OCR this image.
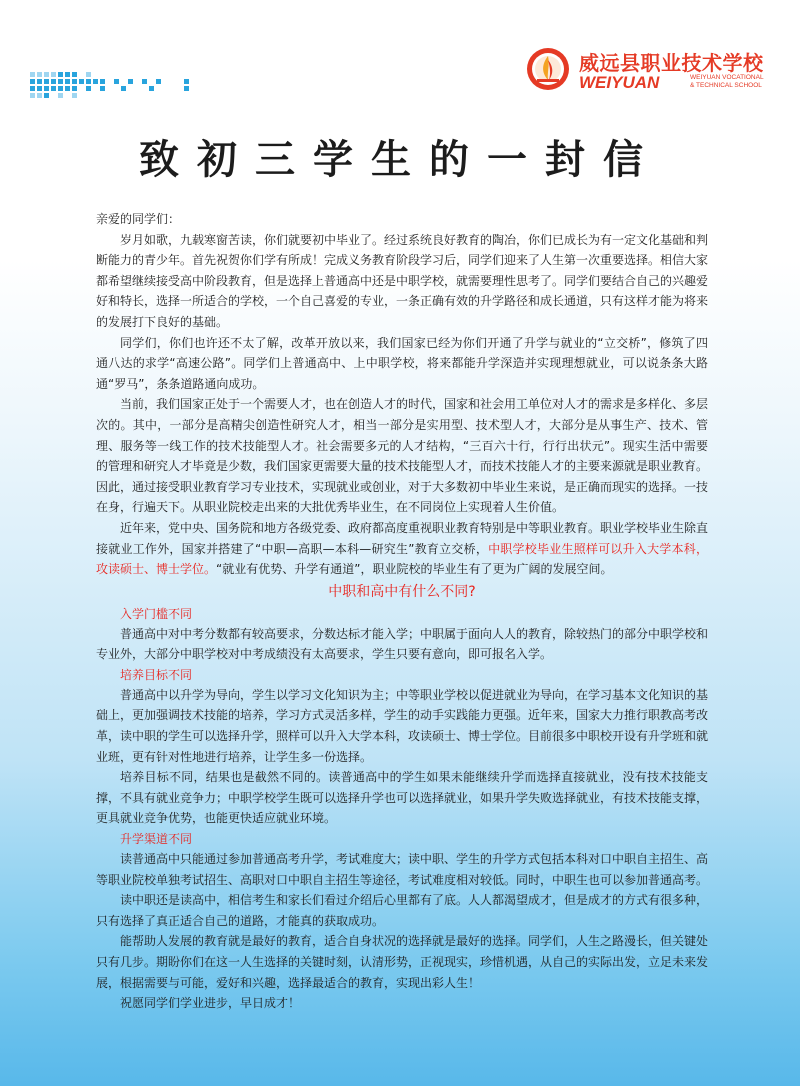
威远县职业技术学校
WEIYUAN	WEIYUAN VOCATIONAL
& TECHNICAL SCHOOL
致初三学生的一封信

亲爱的同学们：

岁月如歌，九载寒窗苦读，你们就要初中毕业了。经过系统良好教育的陶冶，你们已成长为有一定文化基础和判断能力的青少年。首先祝贺你们学有所成！完成义务教育阶段学习后，同学们迎来了人生第一次重要选择。相信大家都希望继续接受高中阶段教育，但是选择上普通高中还是中职学校，就需要理性思考了。同学们要结合自己的兴趣爱好和特长，选择一所适合的学校，一个自己喜爱的专业，一条正确有效的升学路径和成长通道，只有这样才能为将来的发展打下良好的基础。

同学们，你们也许还不太了解，改革开放以来，我们国家已经为你们开通了升学与就业的“立交桥”，修筑了四通八达的求学“高速公路”。同学们上普通高中、上中职学校，将来都能升学深造并实现理想就业，可以说条条大路通“罗马”，条条道路通向成功。

当前，我们国家正处于一个需要人才，也在创造人才的时代，国家和社会用工单位对人才的需求是多样化、多层次的。其中，一部分是高精尖创造性研究人才，相当一部分是实用型、技术型人才，大部分是从事生产、技术、管理、服务等一线工作的技术技能型人才。社会需要多元的人才结构，“三百六十行，行行出状元”。现实生活中需要的管理和研究人才毕竟是少数，我们国家更需要大量的技术技能型人才，而技术技能人才的主要来源就是职业教育。因此，通过接受职业教育学习专业技术，实现就业或创业，对于大多数初中毕业生来说，是正确而现实的选择。一技在身，行遍天下。从职业院校走出来的大批优秀毕业生，在不同岗位上实现着人生价值。

近年来，党中央、国务院和地方各级党委、政府都高度重视职业教育特别是中等职业教育。职业学校毕业生除直接就业工作外，国家并搭建了“中职—高职—本科—研究生”教育立交桥，中职学校毕业生照样可以升入大学本科，攻读硕士、博士学位。“就业有优势、升学有通道”，职业院校的毕业生有了更为广阔的发展空间。

中职和高中有什么不同?
入学门槛不同

普通高中对中考分数都有较高要求，分数达标才能入学；中职属于面向人人的教育，除较热门的部分中职学校和专业外，大部分中职学校对中考成绩没有太高要求，学生只要有意向，即可报名入学。

培养目标不同

普通高中以升学为导向，学生以学习文化知识为主；中等职业学校以促进就业为导向，在学习基本文化知识的基础上，更加强调技术技能的培养，学习方式灵活多样，学生的动手实践能力更强。近年来，国家大力推行职教高考改革，读中职的学生可以选择升学，照样可以升入大学本科，攻读硕士、博士学位。目前很多中职校开设有升学班和就业班，更有针对性地进行培养，让学生多一份选择。

培养目标不同，结果也是截然不同的。读普通高中的学生如果未能继续升学而选择直接就业，没有技术技能支撑，不具有就业竞争力；中职学校学生既可以选择升学也可以选择就业，如果升学失败选择就业，有技术技能支撑，更具就业竞争优势，也能更快适应就业环境。

升学渠道不同

读普通高中只能通过参加普通高考升学，考试难度大；读中职、学生的升学方式包括本科对口中职自主招生、高等职业院校单独考试招生、高职对口中职自主招生等途径，考试难度相对较低。同时，中职生也可以参加普通高考。

读中职还是读高中，相信考生和家长们看过介绍后心里都有了底。人人都渴望成才，但是成才的方式有很多种，只有选择了真正适合自己的道路，才能真的获取成功。

能帮助人发展的教育就是最好的教育，适合自身状况的选择就是最好的选择。同学们，人生之路漫长，但关键处只有几步。期盼你们在这一人生选择的关键时刻，认清形势，正视现实，珍惜机遇，从自己的实际出发，立足未来发展，根据需要与可能，爱好和兴趣，选择最适合的教育，实现出彩人生！

祝愿同学们学业进步，早日成才！
